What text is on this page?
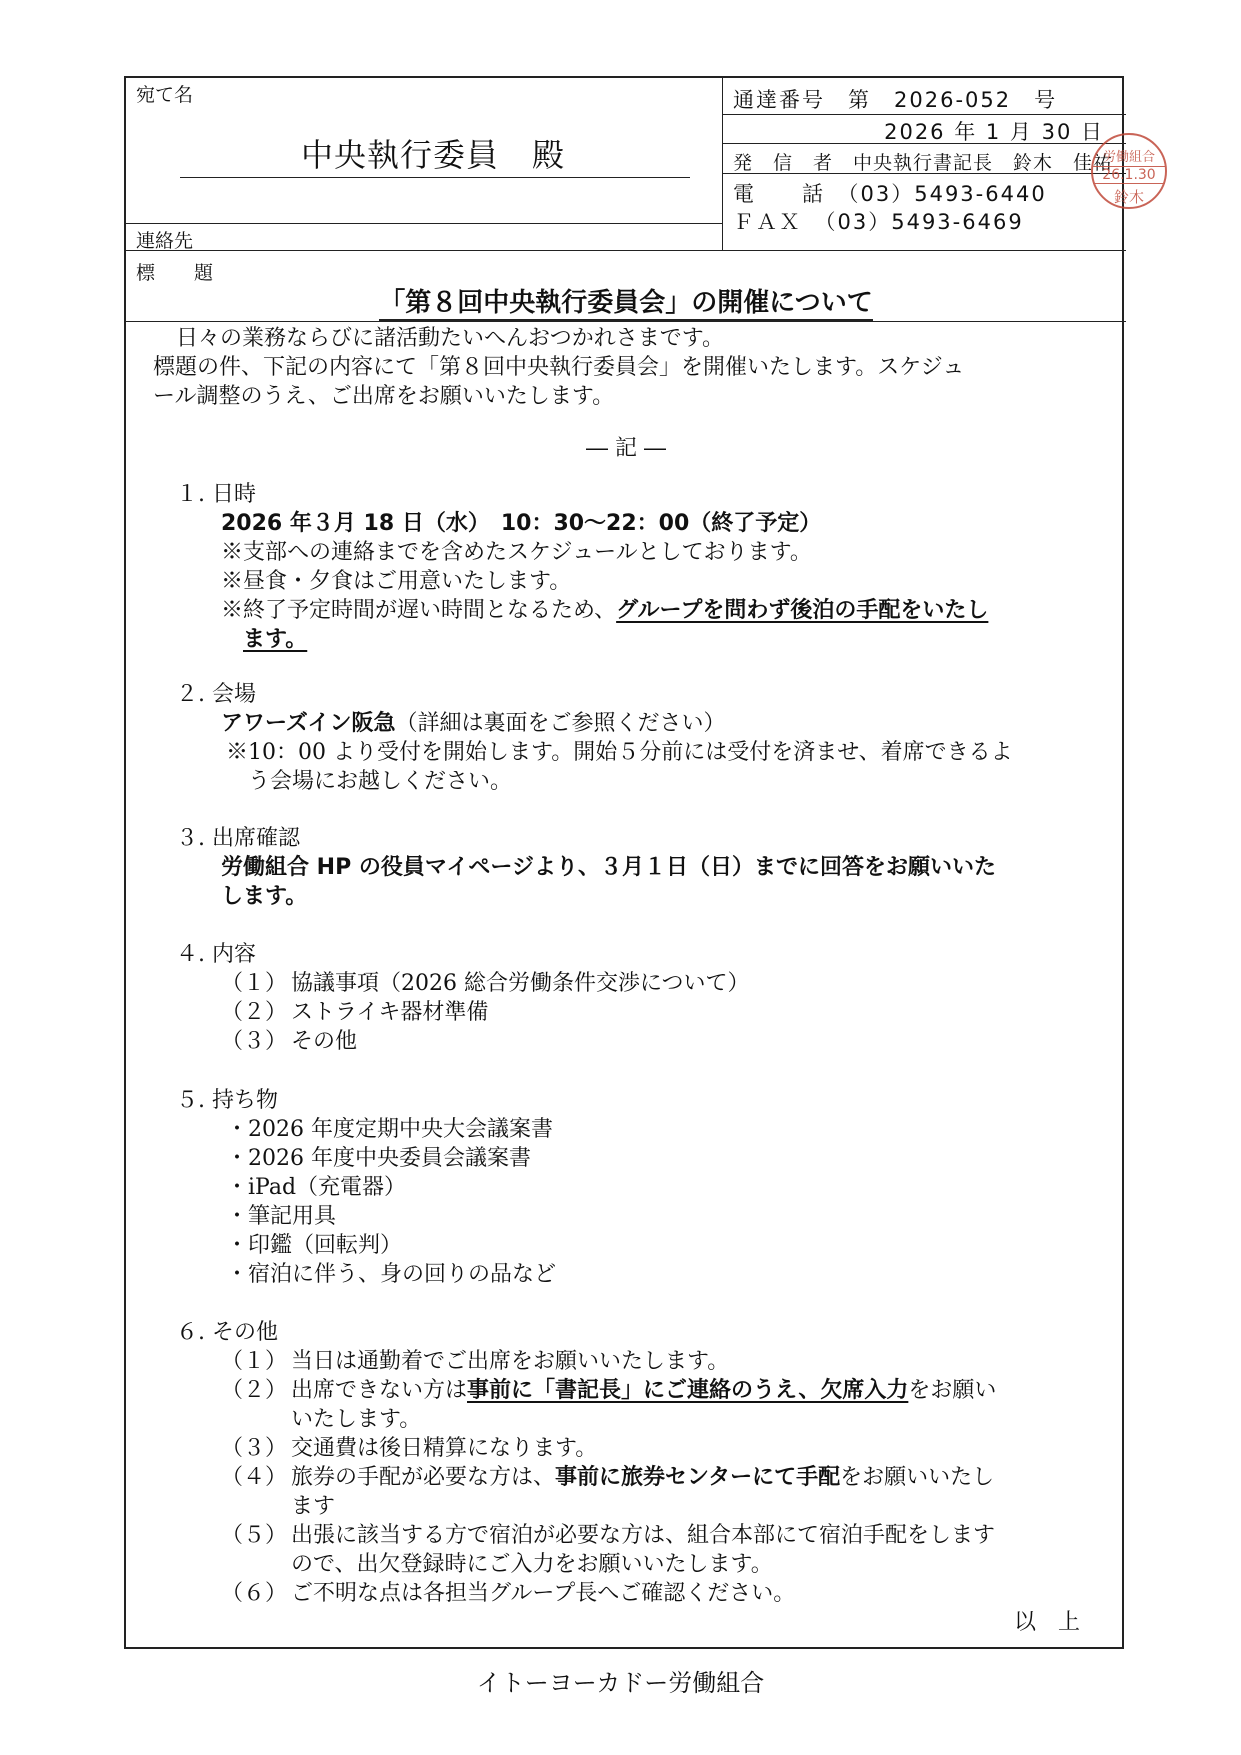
宛て名
中央執行委員　殿
連絡先
通達番号　第　2026-052　号
2026 年 1 月 30 日
発　信　者　中央執行書記長　鈴木　佳祐
電　　話　（03）5493-6440
ＦＡＸ　（03）5493-6469
標　題
「第８回中央執行委員会」の開催について
日々の業務ならびに諸活動たいへんおつかれさまです。
標題の件、下記の内容にて「第８回中央執行委員会」を開催いたします。スケジュ
ール調整のうえ、ご出席をお願いいたします。
― 記 ―
１. 日時
2026 年３月 18 日（水）　10：30～22：00（終了予定）
※支部への連絡までを含めたスケジュールとしております。
※昼食・夕食はご用意いたします。
※終了予定時間が遅い時間となるため、グループを問わず後泊の手配をいたし
ます。
２. 会場
アワーズイン阪急（詳細は裏面をご参照ください）
※10：00 より受付を開始します。開始５分前には受付を済ませ、着席できるよ
う会場にお越しください。
３. 出席確認
労働組合 HP の役員マイページより、３月１日（日）までに回答をお願いいた
します。
４. 内容
（１） 協議事項（2026 総合労働条件交渉について）
（２） ストライキ器材準備
（３） その他
５. 持ち物
・2026 年度定期中央大会議案書
・2026 年度中央委員会議案書
・iPad（充電器）
・筆記用具
・印鑑（回転判）
・宿泊に伴う、身の回りの品など
６. その他
（１） 当日は通勤着でご出席をお願いいたします。
（２） 出席できない方は事前に「書記長」にご連絡のうえ、欠席入力をお願い
いたします。
（３） 交通費は後日精算になります。
（４） 旅券の手配が必要な方は、事前に旅券センターにて手配をお願いいたし
ます
（５） 出張に該当する方で宿泊が必要な方は、組合本部にて宿泊手配をします
ので、出欠登録時にご入力をお願いいたします。
（６） ご不明な点は各担当グループ長へご確認ください。
以　上
労働組合
26.1.30
鈴木
イトーヨーカドー労働組合
